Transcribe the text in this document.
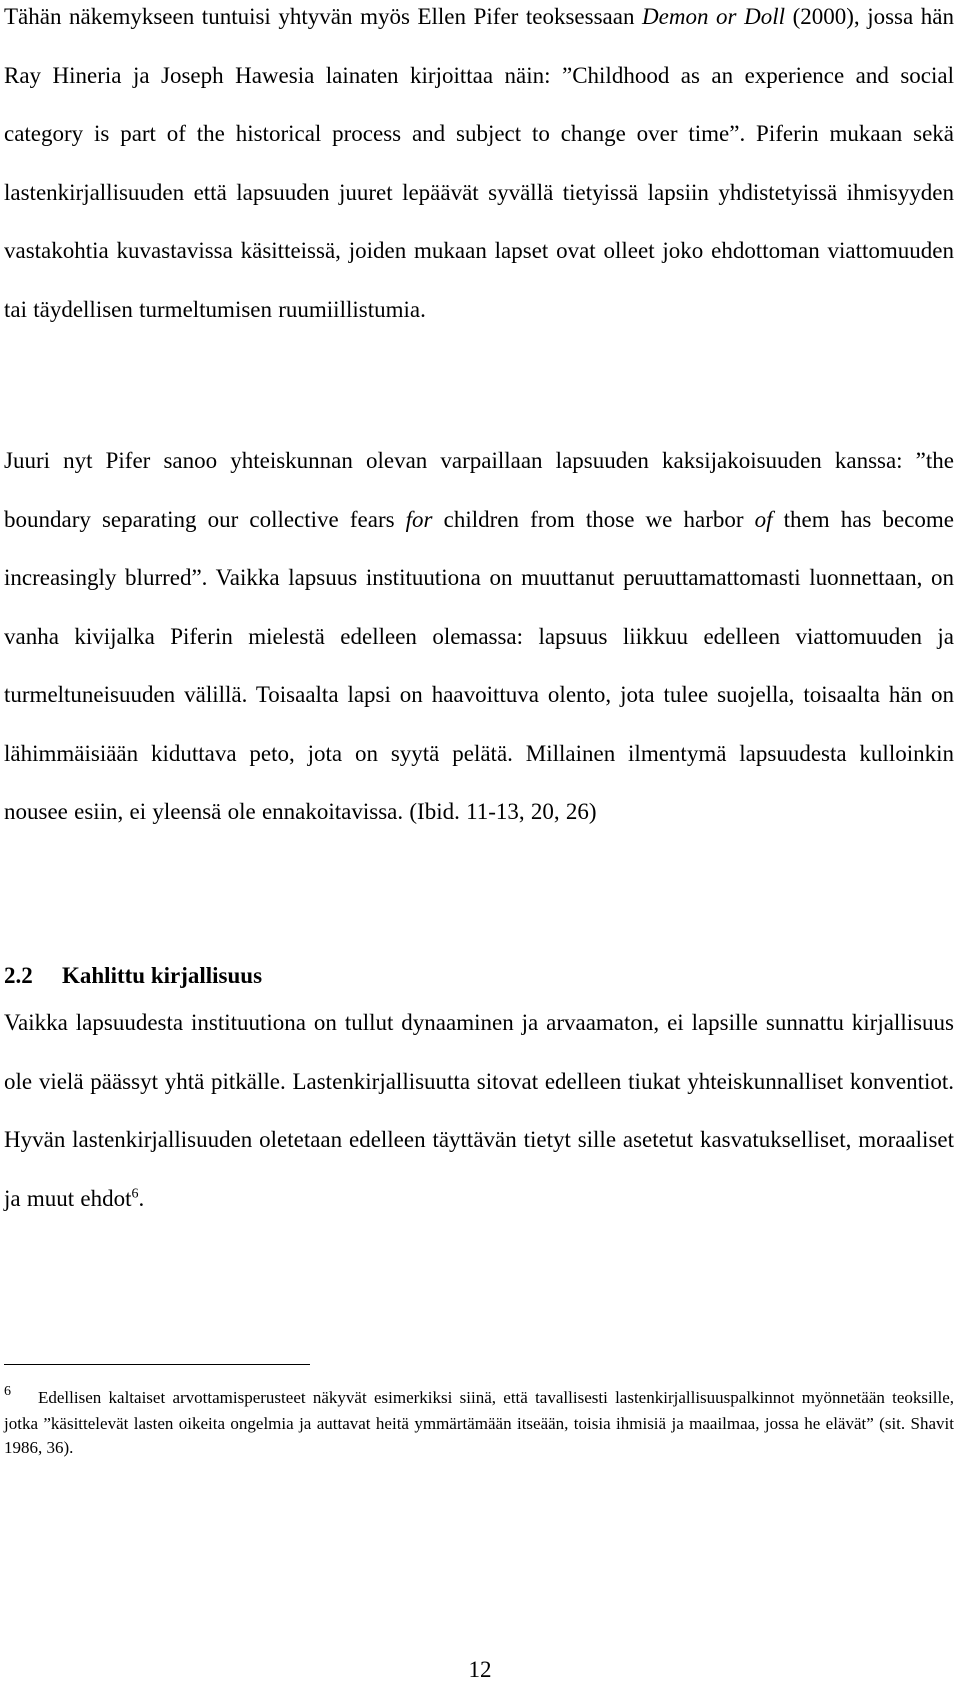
Tähän näkemykseen tuntuisi yhtyvän myös Ellen Pifer teoksessaan Demon or Doll (2000), jossa hän Ray Hineria ja Joseph Hawesia lainaten kirjoittaa näin: ”Childhood as an experience and social category is part of the historical process and subject to change over time”. Piferin mukaan sekä lastenkirjallisuuden että lapsuuden juuret lepäävät syvällä tietyissä lapsiin yhdistetyissä ihmisyyden vastakohtia kuvastavissa käsitteissä, joiden mukaan lapset ovat olleet joko ehdottoman viattomuuden tai täydellisen turmeltumisen ruumiillistumia.

Juuri nyt Pifer sanoo yhteiskunnan olevan varpaillaan lapsuuden kaksijakoisuuden kanssa: ”the boundary separating our collective fears for children from those we harbor of them has become increasingly blurred”. Vaikka lapsuus instituutiona on muuttanut peruuttamattomasti luonnettaan, on vanha kivijalka Piferin mielestä edelleen olemassa: lapsuus liikkuu edelleen viattomuuden ja turmeltuneisuuden välillä. Toisaalta lapsi on haavoittuva olento, jota tulee suojella, toisaalta hän on lähimmäisiään kiduttava peto, jota on syytä pelätä. Millainen ilmentymä lapsuudesta kulloinkin nousee esiin, ei yleensä ole ennakoitavissa. (Ibid. 11-13, 20, 26)

2.2 Kahlittu kirjallisuus

Vaikka lapsuudesta instituutiona on tullut dynaaminen ja arvaamaton, ei lapsille sunnattu kirjallisuus ole vielä päässyt yhtä pitkälle. Lastenkirjallisuutta sitovat edelleen tiukat yhteiskunnalliset konventiot. Hyvän lastenkirjallisuuden oletetaan edelleen täyttävän tietyt sille asetetut kasvatukselliset, moraaliset ja muut ehdot$^6$.

6 Edellisen kaltaiset arvottamisperusteet näkyvät esimerkiksi siinä, että tavallisesti lastenkirjallisuuspalkinnot myönnetään teoksille, jotka ”käsittelevät lasten oikeita ongelmia ja auttavat heitä ymmärtämään itseään, toisia ihmisiä ja maailmaa, jossa he elävät” (sit. Shavit 1986, 36).

12
